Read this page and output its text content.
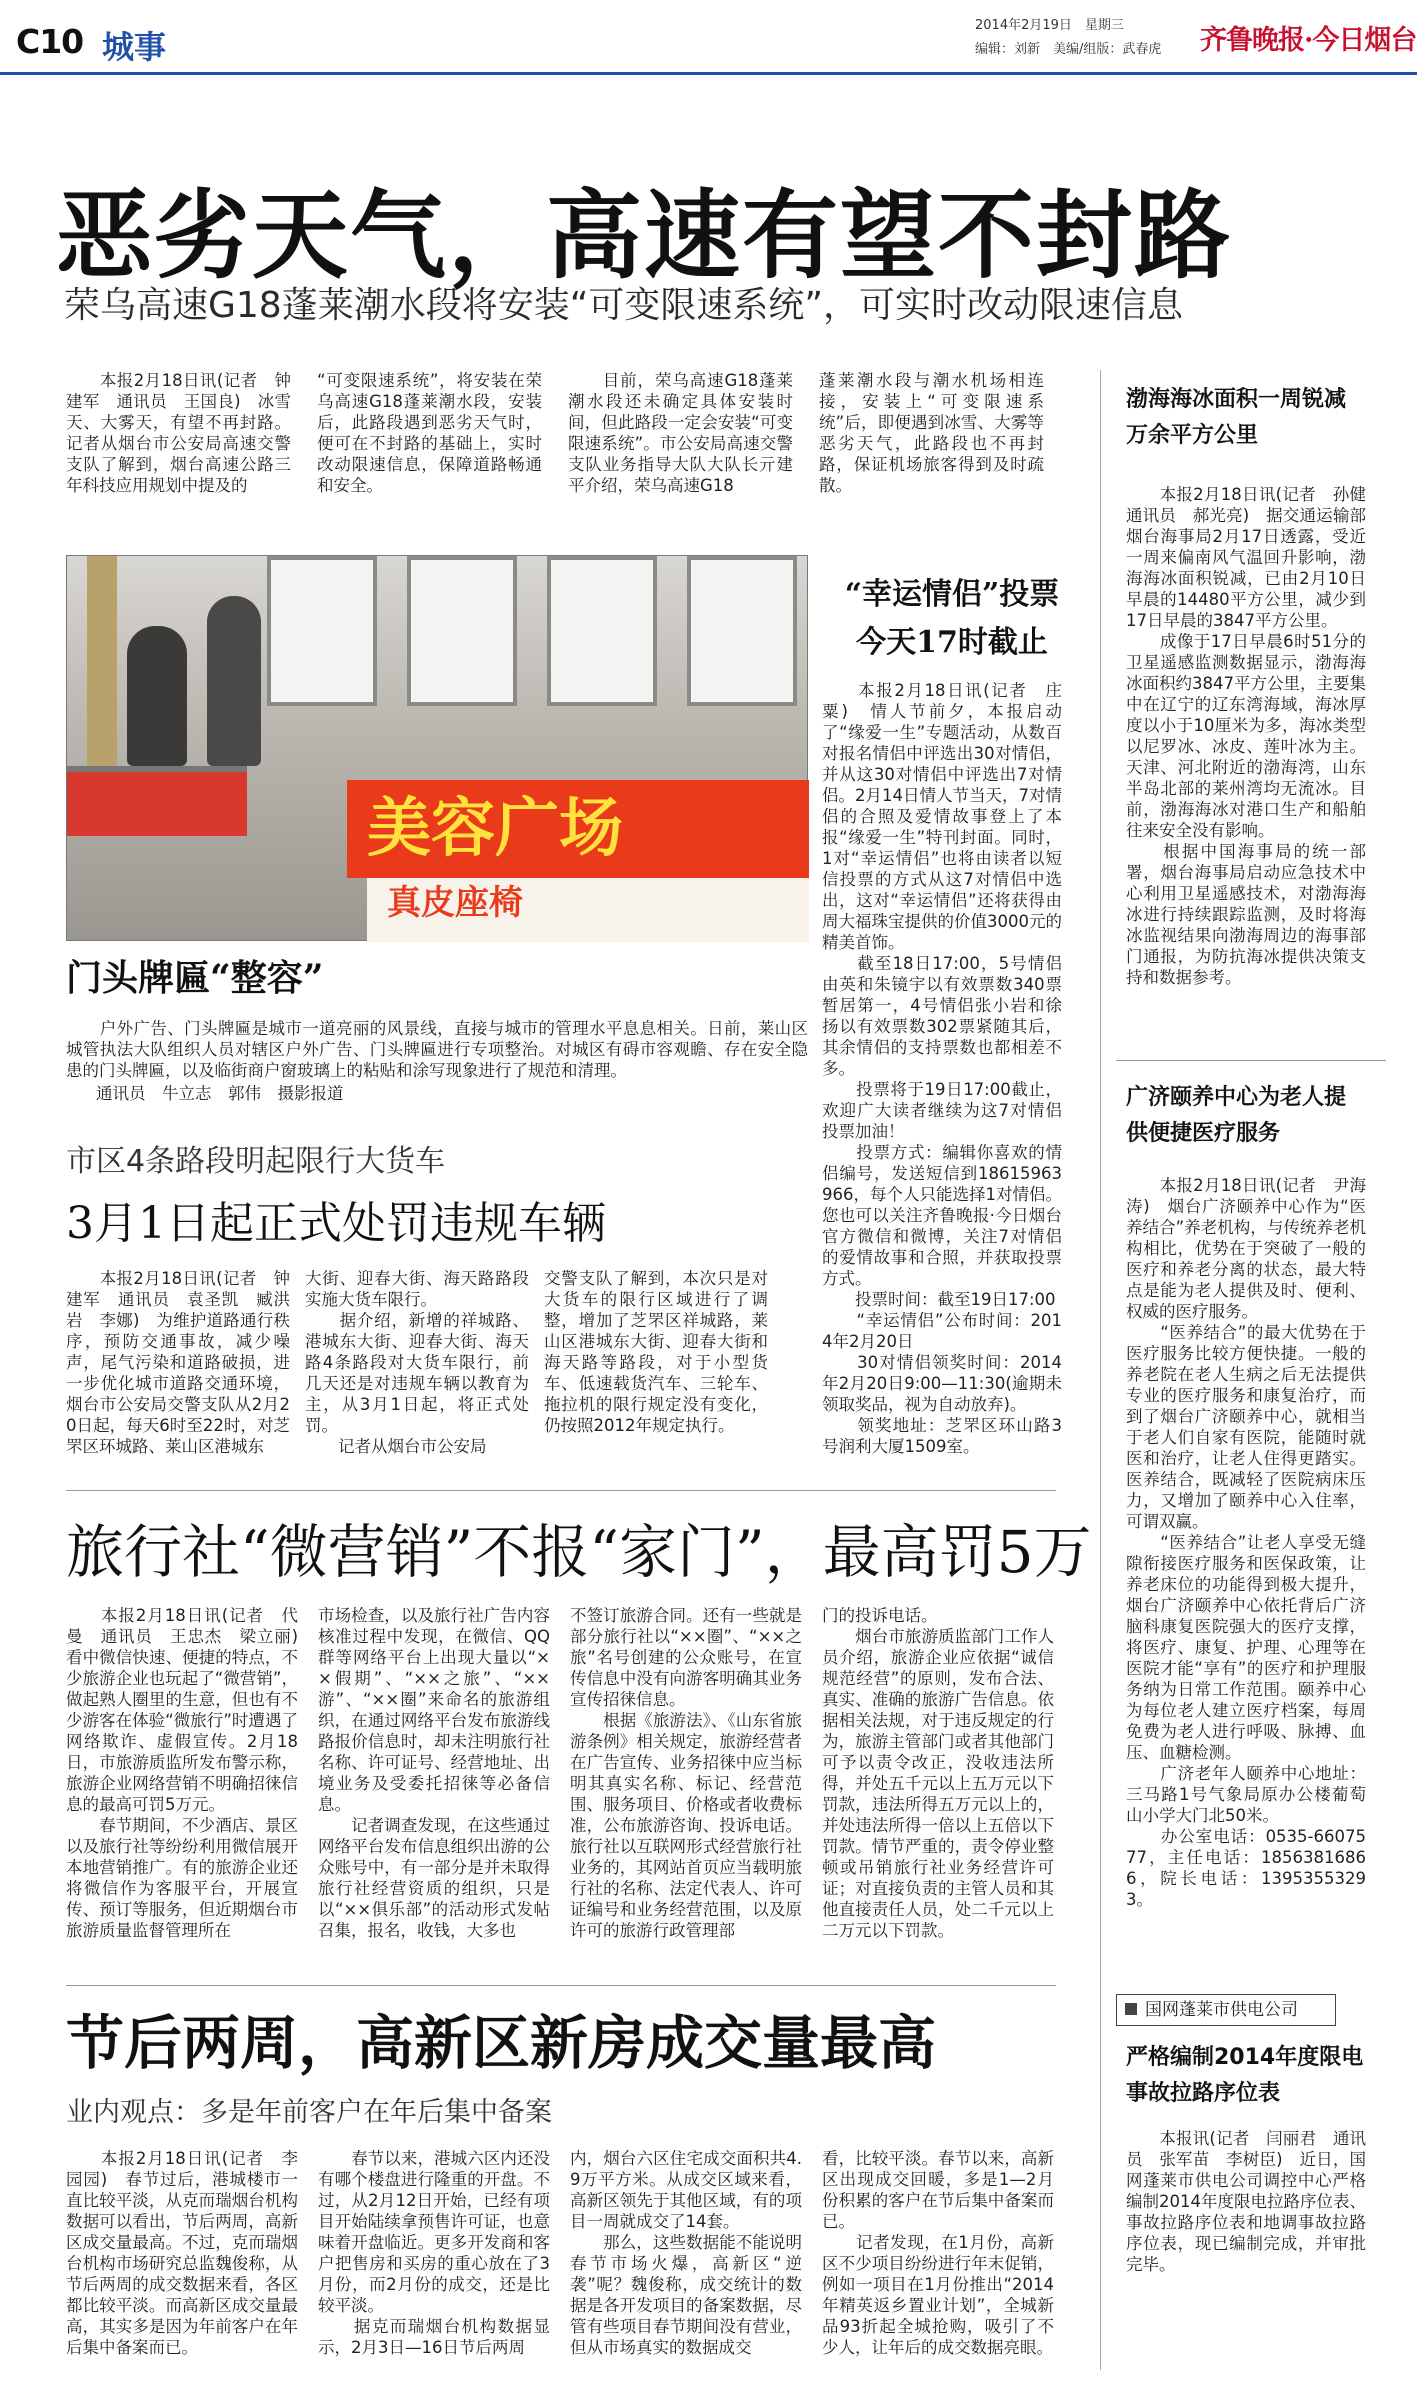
C10 城事
2014年2月19日　星期三
编辑：刘新　美编/组版：武春虎	齐鲁晚报·今日烟台
恶劣天气，高速有望不封路
荣乌高速G18蓬莱潮水段将安装“可变限速系统”，可实时改动限速信息
　　本报2月18日讯(记者　钟建军　通讯员　王国良)　冰雪天、大雾天，有望不再封路。记者从烟台市公安局高速交警支队了解到，烟台高速公路三年科技应用规划中提及的
“可变限速系统”，将安装在荣乌高速G18蓬莱潮水段，安装后，此路段遇到恶劣天气时，便可在不封路的基础上，实时改动限速信息，保障道路畅通和安全。
　　目前，荣乌高速G18蓬莱潮水段还未确定具体安装时间，但此路段一定会安装“可变限速系统”。市公安局高速交警支队业务指导大队大队长亓建平介绍，荣乌高速G18
蓬莱潮水段与潮水机场相连接，安装上“可变限速系统”后，即便遇到冰雪、大雾等恶劣天气，此路段也不再封路，保证机场旅客得到及时疏散。
美容广场
真皮座椅
门头牌匾“整容”
　　户外广告、门头牌匾是城市一道亮丽的风景线，直接与城市的管理水平息息相关。日前，莱山区城管执法大队组织人员对辖区户外广告、门头牌匾进行专项整治。对城区有碍市容观瞻、存在安全隐患的门头牌匾，以及临街商户窗玻璃上的粘贴和涂写现象进行了规范和清理。
通讯员　牛立志　郭伟　摄影报道
“幸运情侣”投票
今天17时截止
　　本报2月18日讯(记者　庄粟)　情人节前夕，本报启动了“缘爱一生”专题活动，从数百对报名情侣中评选出30对情侣，并从这30对情侣中评选出7对情侣。2月14日情人节当天，7对情侣的合照及爱情故事登上了本报“缘爱一生”特刊封面。同时，1对“幸运情侣”也将由读者以短信投票的方式从这7对情侣中选出，这对“幸运情侣”还将获得由周大福珠宝提供的价值3000元的精美首饰。
　　截至18日17:00，5号情侣由英和朱镜宇以有效票数340票暂居第一，4号情侣张小岩和徐扬以有效票数302票紧随其后，其余情侣的支持票数也都相差不多。
　　投票将于19日17:00截止，欢迎广大读者继续为这7对情侣投票加油！
　　投票方式：编辑你喜欢的情侣编号，发送短信到18615963966，每个人只能选择1对情侣。您也可以关注齐鲁晚报·今日烟台官方微信和微博，关注7对情侣的爱情故事和合照，并获取投票方式。
　　投票时间：截至19日17:00
　　“幸运情侣”公布时间：2014年2月20日
　　30对情侣领奖时间：2014年2月20日9:00—11:30(逾期未领取奖品，视为自动放弃)。
　　领奖地址：芝罘区环山路3号润利大厦1509室。
市区4条路段明起限行大货车
3月1日起正式处罚违规车辆
　　本报2月18日讯(记者　钟建军　通讯员　袁圣凯　臧洪岩　李娜)　为维护道路通行秩序，预防交通事故，减少噪声，尾气污染和道路破损，进一步优化城市道路交通环境，烟台市公安局交警支队从2月20日起，每天6时至22时，对芝罘区环城路、莱山区港城东
大街、迎春大街、海天路路段实施大货车限行。
　　据介绍，新增的祥城路、港城东大街、迎春大街、海天路4条路段对大货车限行，前几天还是对违规车辆以教育为主，从3月1日起，将正式处罚。
　　记者从烟台市公安局
交警支队了解到，本次只是对大货车的限行区域进行了调整，增加了芝罘区祥城路，莱山区港城东大街、迎春大街和海天路等路段，对于小型货车、低速载货汽车、三轮车、拖拉机的限行规定没有变化，仍按照2012年规定执行。
旅行社“微营销”不报“家门”，最高罚5万
　　本报2月18日讯(记者　代曼　通讯员　王忠杰　梁立丽)　看中微信快速、便捷的特点，不少旅游企业也玩起了“微营销”，做起熟人圈里的生意，但也有不少游客在体验“微旅行”时遭遇了网络欺诈、虚假宣传。2月18日，市旅游质监所发布警示称，旅游企业网络营销不明确招徕信息的最高可罚5万元。
　　春节期间，不少酒店、景区以及旅行社等纷纷利用微信展开本地营销推广。有的旅游企业还将微信作为客服平台，开展宣传、预订等服务，但近期烟台市旅游质量监督管理所在
市场检查，以及旅行社广告内容核准过程中发现，在微信、QQ群等网络平台上出现大量以“××假期”、“××之旅”、“××游”、“××圈”来命名的旅游组织，在通过网络平台发布旅游线路报价信息时，却未注明旅行社名称、许可证号、经营地址、出境业务及受委托招徕等必备信息。
　　记者调查发现，在这些通过网络平台发布信息组织出游的公众账号中，有一部分是并未取得旅行社经营资质的组织，只是以“××俱乐部”的活动形式发帖召集，报名，收钱，大多也
不签订旅游合同。还有一些就是部分旅行社以“××圈”、“××之旅”名号创建的公众账号，在宣传信息中没有向游客明确其业务宣传招徕信息。
　　根据《旅游法》、《山东省旅游条例》相关规定，旅游经营者在广告宣传、业务招徕中应当标明其真实名称、标记、经营范围、服务项目、价格或者收费标准，公布旅游咨询、投诉电话。旅行社以互联网形式经营旅行社业务的，其网站首页应当载明旅行社的名称、法定代表人、许可证编号和业务经营范围，以及原许可的旅游行政管理部
门的投诉电话。
　　烟台市旅游质监部门工作人员介绍，旅游企业应依据“诚信规范经营”的原则，发布合法、真实、准确的旅游广告信息。依据相关法规，对于违反规定的行为，旅游主管部门或者其他部门可予以责令改正，没收违法所得，并处五千元以上五万元以下罚款，违法所得五万元以上的，并处违法所得一倍以上五倍以下罚款。情节严重的，责令停业整顿或吊销旅行社业务经营许可证；对直接负责的主管人员和其他直接责任人员，处二千元以上二万元以下罚款。
节后两周，高新区新房成交量最高
业内观点：多是年前客户在年后集中备案
　　本报2月18日讯(记者　李园园)　春节过后，港城楼市一直比较平淡，从克而瑞烟台机构数据可以看出，节后两周，高新区成交量最高。不过，克而瑞烟台机构市场研究总监魏俊称，从节后两周的成交数据来看，各区都比较平淡。而高新区成交量最高，其实多是因为年前客户在年后集中备案而已。
　　春节以来，港城六区内还没有哪个楼盘进行隆重的开盘。不过，从2月12日开始，已经有项目开始陆续拿预售许可证，也意味着开盘临近。更多开发商和客户把售房和买房的重心放在了3月份，而2月份的成交，还是比较平淡。
　　据克而瑞烟台机构数据显示，2月3日—16日节后两周
内，烟台六区住宅成交面积共4.9万平方米。从成交区域来看，高新区领先于其他区域，有的项目一周就成交了14套。
　　那么，这些数据能不能说明春节市场火爆，高新区“逆袭”呢？魏俊称，成交统计的数据是各开发项目的备案数据，尽管有些项目春节期间没有营业，但从市场真实的数据成交
看，比较平淡。春节以来，高新区出现成交回暖，多是1—2月份积累的客户在节后集中备案而已。
　　记者发现，在1月份，高新区不少项目纷纷进行年末促销，例如一项目在1月份推出“2014年精英返乡置业计划”，全城新品93折起全城抢购，吸引了不少人，让年后的成交数据亮眼。
渤海海冰面积一周锐减万余平方公里
　　本报2月18日讯(记者　孙健　通讯员　郝光亮)　据交通运输部烟台海事局2月17日透露，受近一周来偏南风气温回升影响，渤海海冰面积锐减，已由2月10日早晨的14480平方公里，减少到17日早晨的3847平方公里。
　　成像于17日早晨6时51分的卫星遥感监测数据显示，渤海海冰面积约3847平方公里，主要集中在辽宁的辽东湾海域，海冰厚度以小于10厘米为多，海冰类型以尼罗冰、冰皮、莲叶冰为主。天津、河北附近的渤海湾，山东半岛北部的莱州湾均无流冰。目前，渤海海冰对港口生产和船舶往来安全没有影响。
　　根据中国海事局的统一部署，烟台海事局启动应急技术中心利用卫星遥感技术，对渤海海冰进行持续跟踪监测，及时将海冰监视结果向渤海周边的海事部门通报，为防抗海冰提供决策支持和数据参考。
广济颐养中心为老人提供便捷医疗服务
　　本报2月18日讯(记者　尹海涛)　烟台广济颐养中心作为“医养结合”养老机构，与传统养老机构相比，优势在于突破了一般的医疗和养老分离的状态，最大特点是能为老人提供及时、便利、权威的医疗服务。
　　“医养结合”的最大优势在于医疗服务比较方便快捷。一般的养老院在老人生病之后无法提供专业的医疗服务和康复治疗，而到了烟台广济颐养中心，就相当于老人们自家有医院，能随时就医和治疗，让老人住得更踏实。医养结合，既减轻了医院病床压力，又增加了颐养中心入住率，可谓双赢。
　　“医养结合”让老人享受无缝隙衔接医疗服务和医保政策，让养老床位的功能得到极大提升，烟台广济颐养中心依托背后广济脑科康复医院强大的医疗支撑，将医疗、康复、护理、心理等在医院才能“享有”的医疗和护理服务纳为日常工作范围。颐养中心为每位老人建立医疗档案，每周免费为老人进行呼吸、脉搏、血压、血糖检测。
　　广济老年人颐养中心地址：三马路1号气象局原办公楼葡萄山小学大门北50米。
　　办公室电话：0535-6607577，主任电话：18563816866，院长电话：13953553293。
国网蓬莱市供电公司
严格编制2014年度限电事故拉路序位表
　　本报讯(记者　闫丽君　通讯员　张军苗　李树臣)　近日，国网蓬莱市供电公司调控中心严格编制2014年度限电拉路序位表、事故拉路序位表和地调事故拉路序位表，现已编制完成，并审批完毕。
